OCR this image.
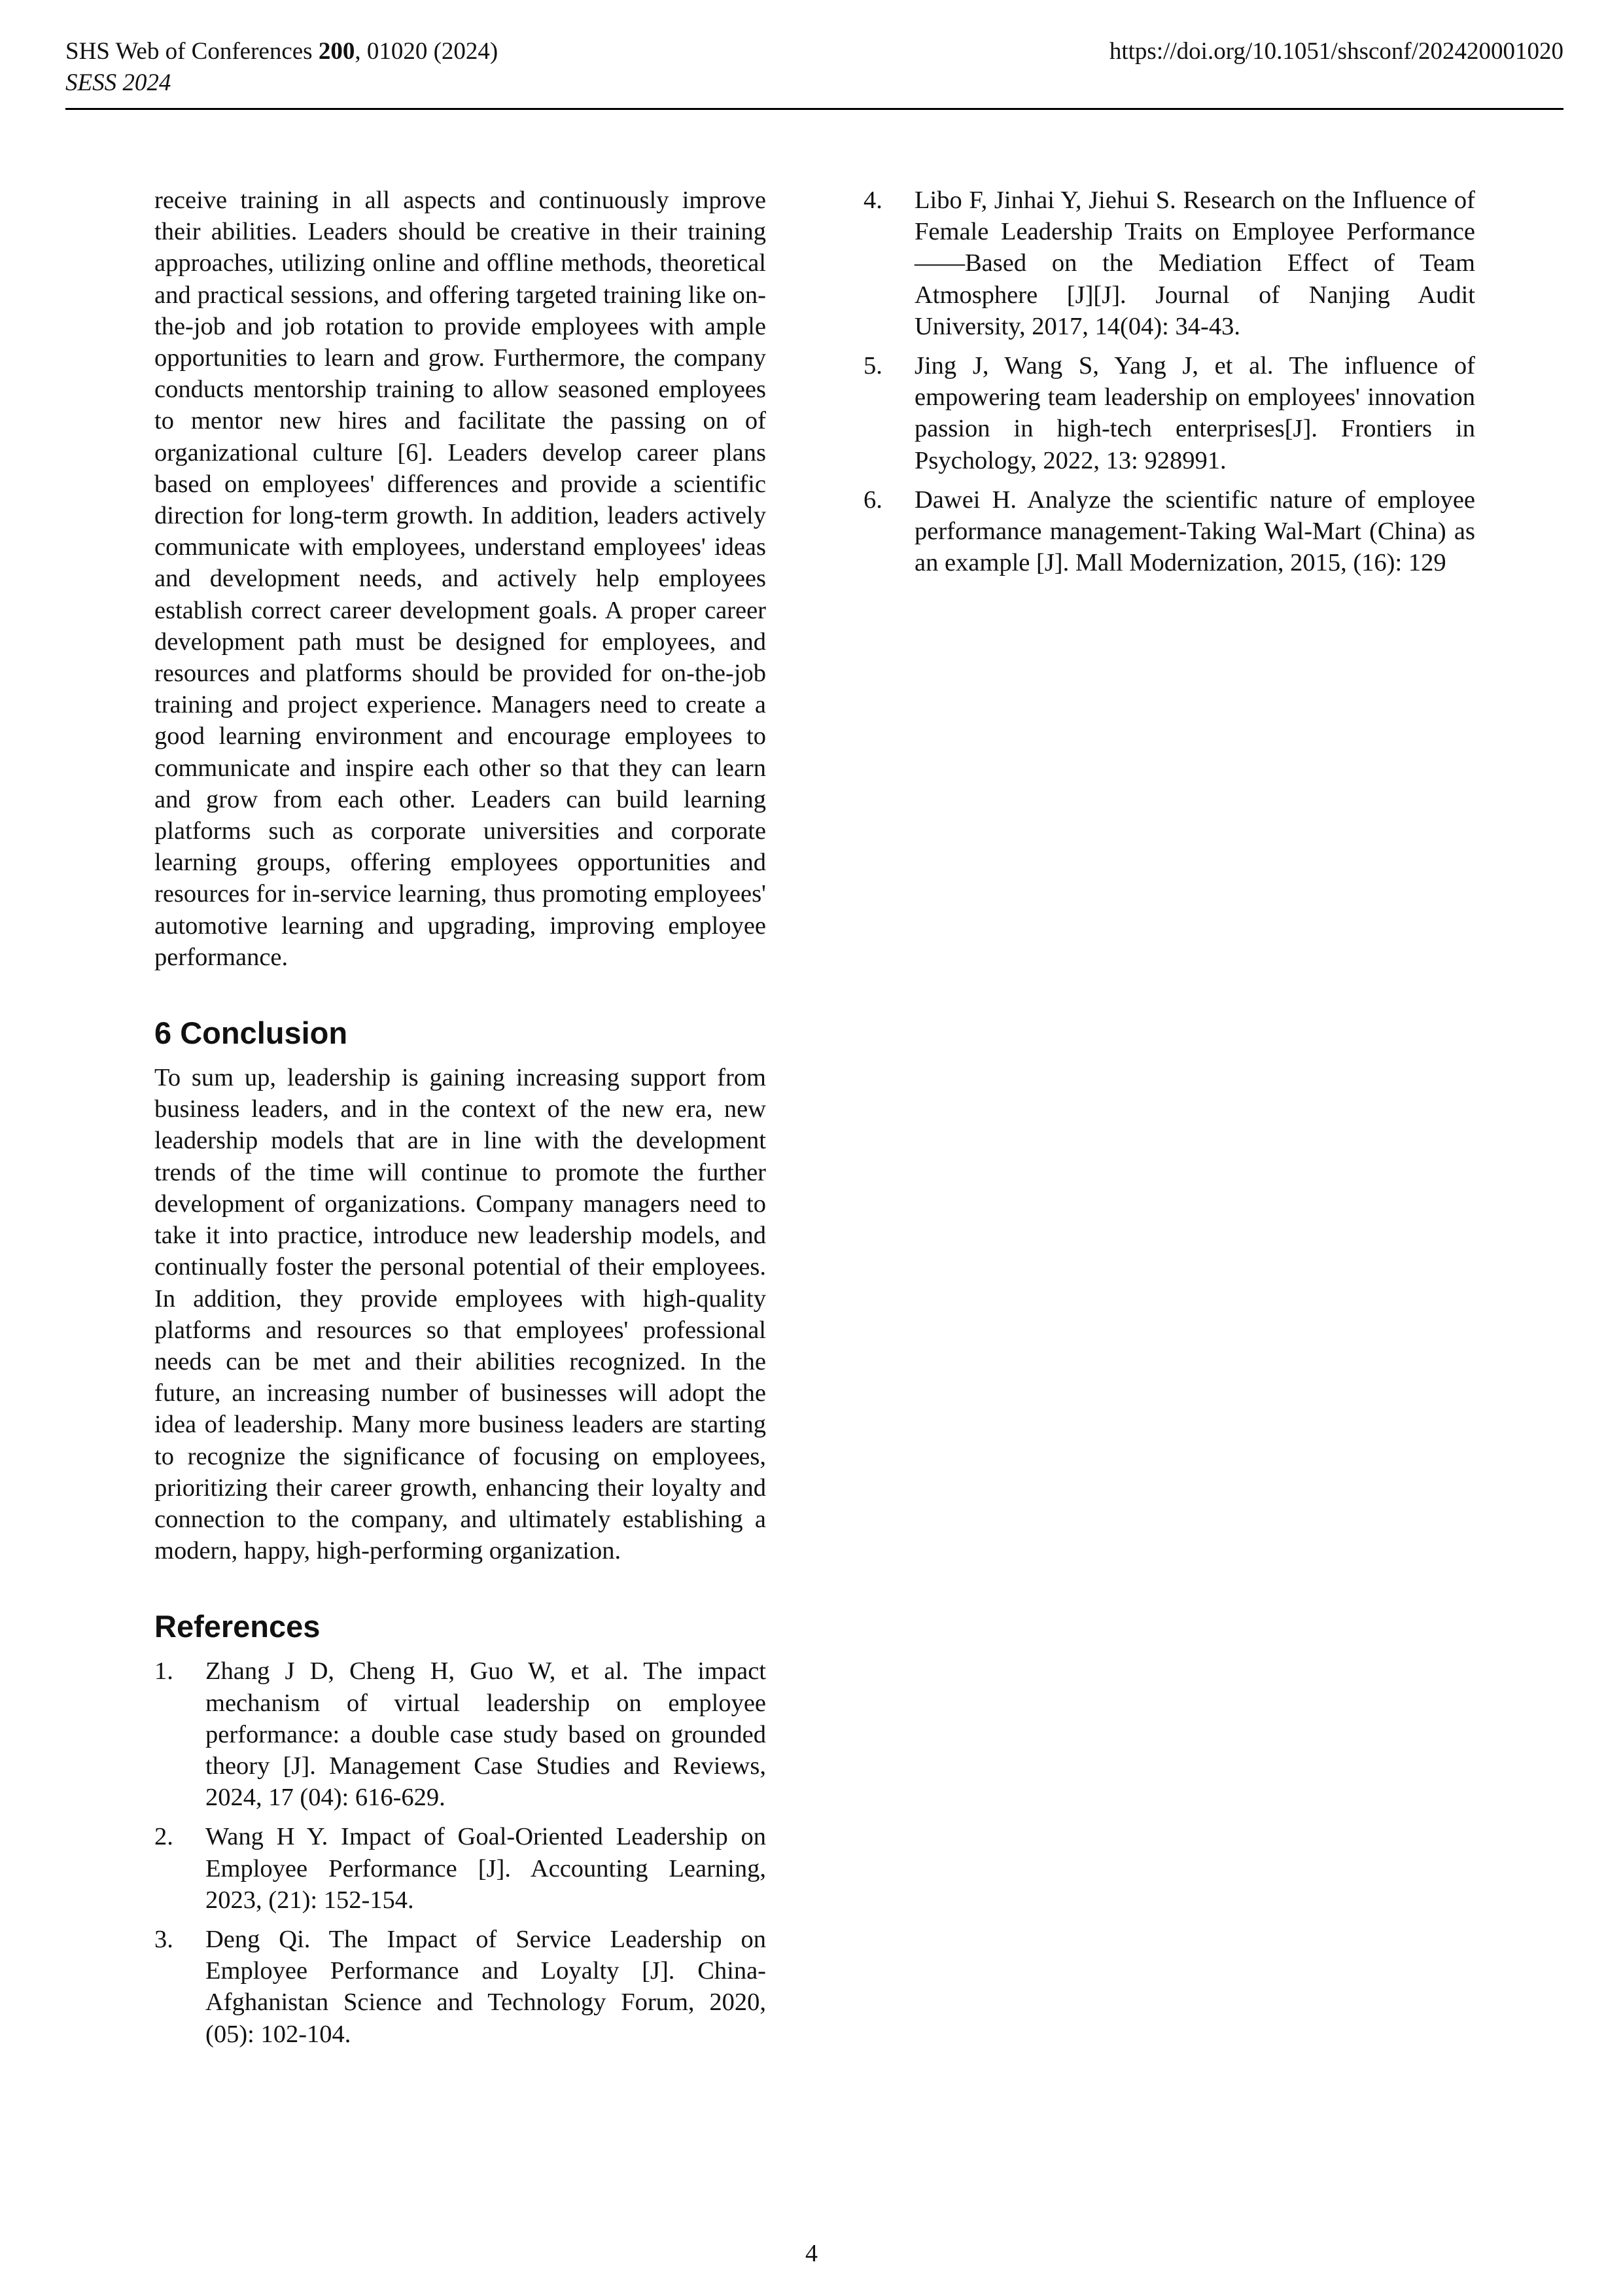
SHS Web of Conferences 200, 01020 (2024)
SESS 2024
https://doi.org/10.1051/shsconf/202420001020

receive training in all aspects and continuously improve their abilities. Leaders should be creative in their training approaches, utilizing online and offline methods, theoretical and practical sessions, and offering targeted training like on-the-job and job rotation to provide employees with ample opportunities to learn and grow. Furthermore, the company conducts mentorship training to allow seasoned employees to mentor new hires and facilitate the passing on of organizational culture [6]. Leaders develop career plans based on employees' differences and provide a scientific direction for long-term growth. In addition, leaders actively communicate with employees, understand employees' ideas and development needs, and actively help employees establish correct career development goals. A proper career development path must be designed for employees, and resources and platforms should be provided for on-the-job training and project experience. Managers need to create a good learning environment and encourage employees to communicate and inspire each other so that they can learn and grow from each other. Leaders can build learning platforms such as corporate universities and corporate learning groups, offering employees opportunities and resources for in-service learning, thus promoting employees' automotive learning and upgrading, improving employee performance.

6 Conclusion

To sum up, leadership is gaining increasing support from business leaders, and in the context of the new era, new leadership models that are in line with the development trends of the time will continue to promote the further development of organizations. Company managers need to take it into practice, introduce new leadership models, and continually foster the personal potential of their employees. In addition, they provide employees with high-quality platforms and resources so that employees' professional needs can be met and their abilities recognized. In the future, an increasing number of businesses will adopt the idea of leadership. Many more business leaders are starting to recognize the significance of focusing on employees, prioritizing their career growth, enhancing their loyalty and connection to the company, and ultimately establishing a modern, happy, high-performing organization.

References
1. Zhang J D, Cheng H, Guo W, et al. The impact mechanism of virtual leadership on employee performance: a double case study based on grounded theory [J]. Management Case Studies and Reviews, 2024, 17 (04): 616-629.
2. Wang H Y. Impact of Goal-Oriented Leadership on Employee Performance [J]. Accounting Learning, 2023, (21): 152-154.
3. Deng Qi. The Impact of Service Leadership on Employee Performance and Loyalty [J]. China-Afghanistan Science and Technology Forum, 2020, (05): 102-104.
4. Libo F, Jinhai Y, Jiehui S. Research on the Influence of Female Leadership Traits on Employee Performance——Based on the Mediation Effect of Team Atmosphere [J][J]. Journal of Nanjing Audit University, 2017, 14(04): 34-43.
5. Jing J, Wang S, Yang J, et al. The influence of empowering team leadership on employees' innovation passion in high-tech enterprises[J]. Frontiers in Psychology, 2022, 13: 928991.
6. Dawei H. Analyze the scientific nature of employee performance management-Taking Wal-Mart (China) as an example [J]. Mall Modernization, 2015, (16): 129
4
